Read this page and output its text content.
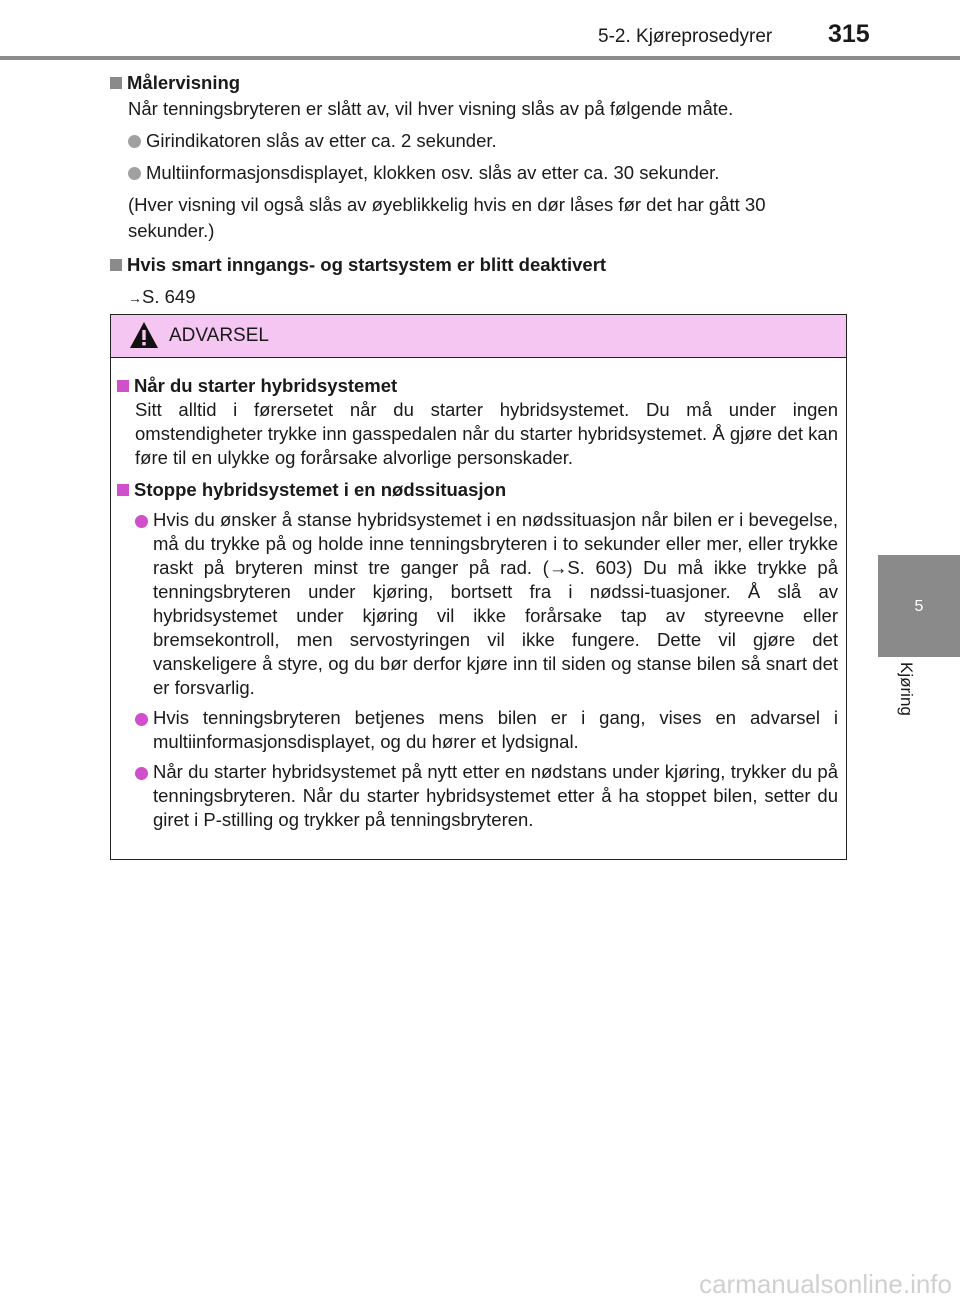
5-2. Kjøreprosedyrer 315
5
Kjøring
Målervisning
Når tenningsbryteren er slått av, vil hver visning slås av på følgende måte.
Girindikatoren slås av etter ca. 2 sekunder.
Multiinformasjonsdisplayet, klokken osv. slås av etter ca. 30 sekunder.
(Hver visning vil også slås av øyeblikkelig hvis en dør låses før det har gått 30 sekunder.)
Hvis smart inngangs- og startsystem er blitt deaktivert
→S. 649
ADVARSEL
Når du starter hybridsystemet
Sitt alltid i førersetet når du starter hybridsystemet. Du må under ingen omstendigheter trykke inn gasspedalen når du starter hybridsystemet. Å gjøre det kan føre til en ulykke og forårsake alvorlige personskader.
Stoppe hybridsystemet i en nødssituasjon
Hvis du ønsker å stanse hybridsystemet i en nødssituasjon når bilen er i bevegelse, må du trykke på og holde inne tenningsbryteren i to sekunder eller mer, eller trykke raskt på bryteren minst tre ganger på rad. (→S. 603) Du må ikke trykke på tenningsbryteren under kjøring, bortsett fra i nødssi-tuasjoner. Å slå av hybridsystemet under kjøring vil ikke forårsake tap av styreevne eller bremsekontroll, men servostyringen vil ikke fungere. Dette vil gjøre det vanskeligere å styre, og du bør derfor kjøre inn til siden og stanse bilen så snart det er forsvarlig.
Hvis tenningsbryteren betjenes mens bilen er i gang, vises en advarsel i multiinformasjonsdisplayet, og du hører et lydsignal.
Når du starter hybridsystemet på nytt etter en nødstans under kjøring, trykker du på tenningsbryteren. Når du starter hybridsystemet etter å ha stoppet bilen, setter du giret i P-stilling og trykker på tenningsbryteren.
carmanualsonline.info
